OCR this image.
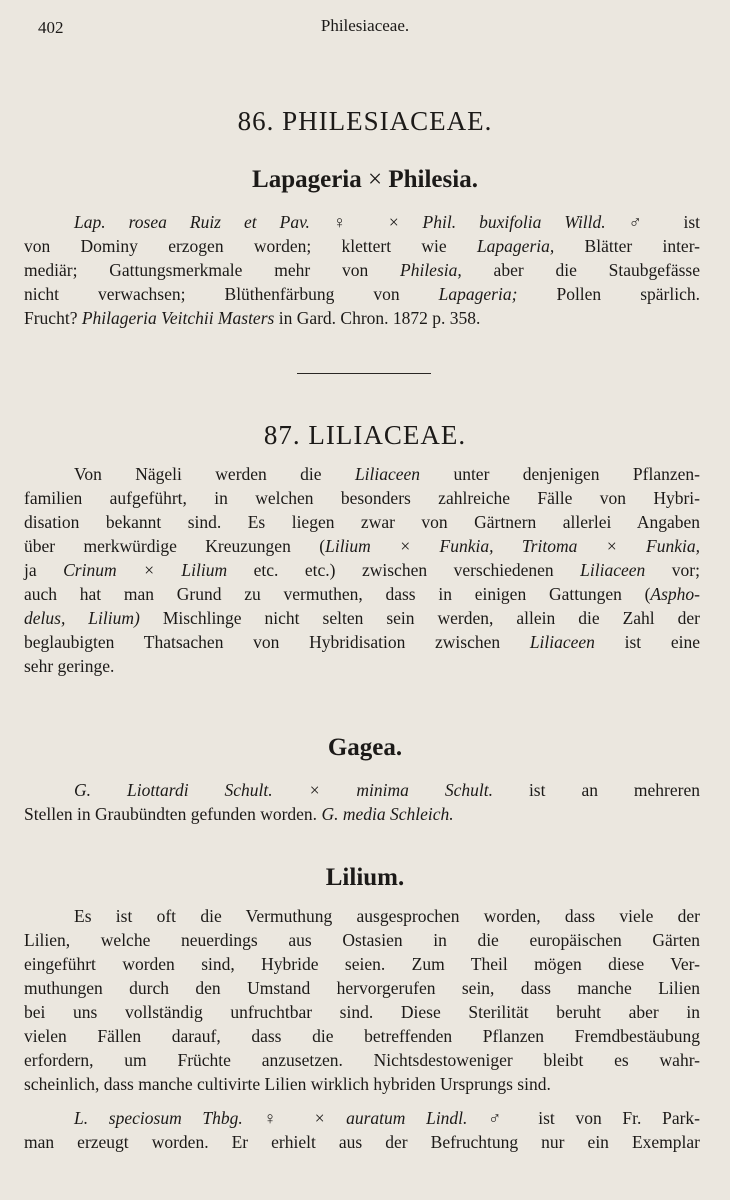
402	Philesiaceae.
86. PHILESIACEAE.
Lapageria × Philesia.
Lap. rosea Ruiz et Pav. ♀ × Phil. buxifolia Willd. ♂ ist
von Dominy erzogen worden; klettert wie Lapageria, Blätter inter-
mediär; Gattungsmerkmale mehr von Philesia, aber die Staubgefässe
nicht verwachsen; Blüthenfärbung von Lapageria; Pollen spärlich.
Frucht? Philageria Veitchii Masters in Gard. Chron. 1872 p. 358.
87. LILIACEAE.
Von Nägeli werden die Liliaceen unter denjenigen Pflanzen-
familien aufgeführt, in welchen besonders zahlreiche Fälle von Hybri-
disation bekannt sind. Es liegen zwar von Gärtnern allerlei Angaben
über merkwürdige Kreuzungen (Lilium × Funkia, Tritoma × Funkia,
ja Crinum × Lilium etc. etc.) zwischen verschiedenen Liliaceen vor;
auch hat man Grund zu vermuthen, dass in einigen Gattungen (Aspho-
delus, Lilium) Mischlinge nicht selten sein werden, allein die Zahl der
beglaubigten Thatsachen von Hybridisation zwischen Liliaceen ist eine
sehr geringe.
Gagea.
G. Liottardi Schult. × minima Schult. ist an mehreren
Stellen in Graubündten gefunden worden. G. media Schleich.
Lilium.
Es ist oft die Vermuthung ausgesprochen worden, dass viele der
Lilien, welche neuerdings aus Ostasien in die europäischen Gärten
eingeführt worden sind, Hybride seien. Zum Theil mögen diese Ver-
muthungen durch den Umstand hervorgerufen sein, dass manche Lilien
bei uns vollständig unfruchtbar sind. Diese Sterilität beruht aber in
vielen Fällen darauf, dass die betreffenden Pflanzen Fremdbestäubung
erfordern, um Früchte anzusetzen. Nichtsdestoweniger bleibt es wahr-
scheinlich, dass manche cultivirte Lilien wirklich hybriden Ursprungs sind.
L. speciosum Thbg. ♀ × auratum Lindl. ♂ ist von Fr. Park-
man erzeugt worden. Er erhielt aus der Befruchtung nur ein Exemplar
